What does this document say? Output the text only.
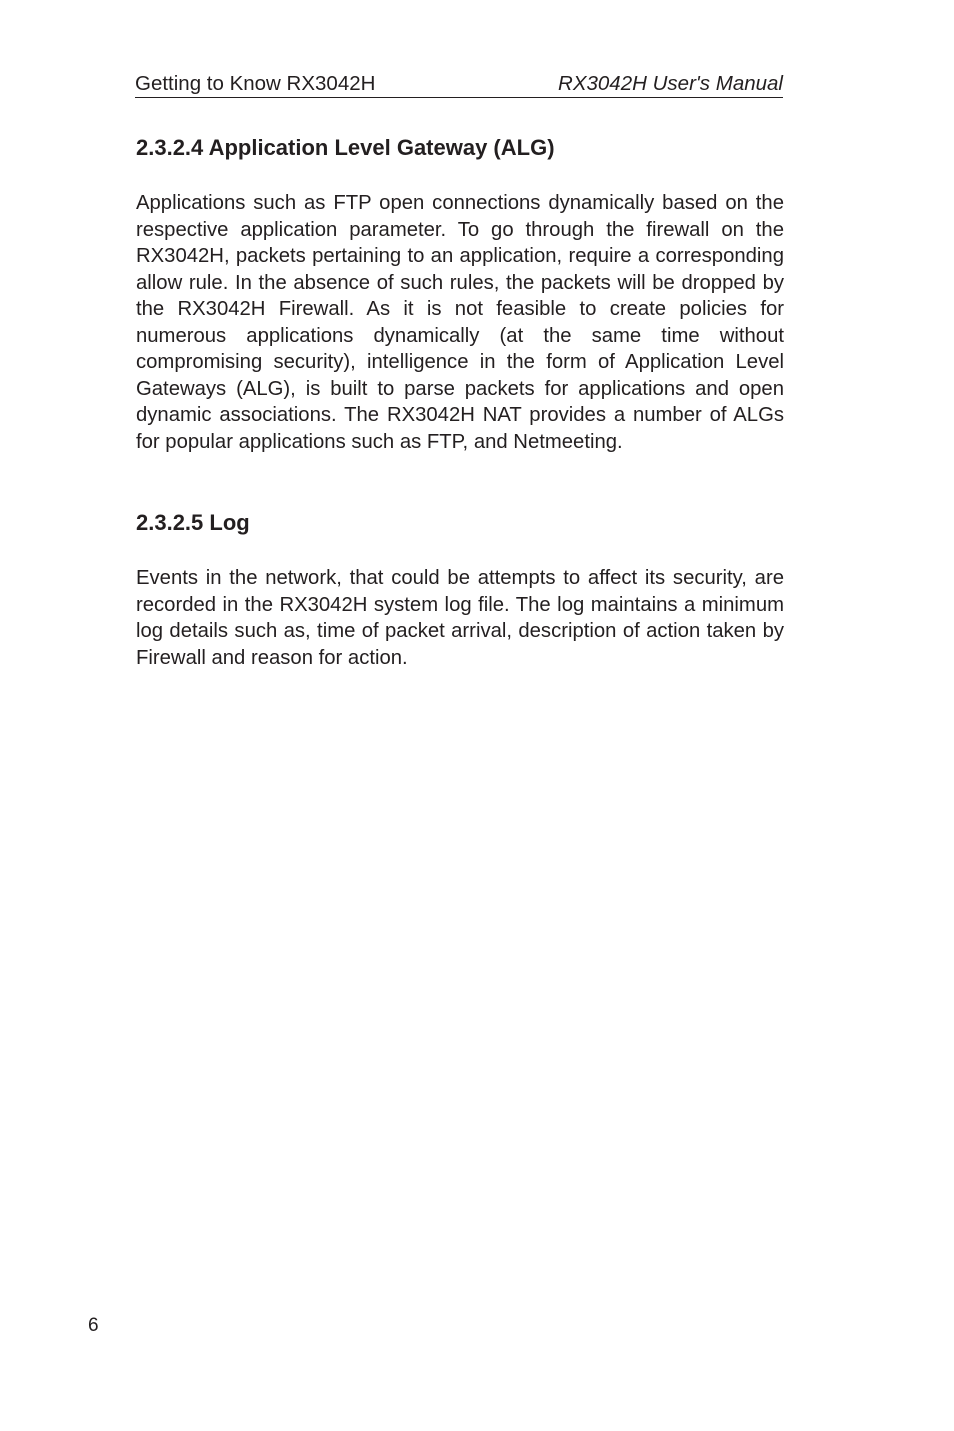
Getting to Know RX3042H	RX3042H User's Manual
2.3.2.4 Application Level Gateway (ALG)

Applications such as FTP open connections dynamically based on the respective application parameter. To go through the firewall on the RX3042H, packets pertaining to an application, require a corresponding allow rule. In the absence of such rules, the packets will be dropped by the RX3042H Firewall. As it is not feasible to create policies for numerous applications dynamically (at the same time without compromising security), intelligence in the form of Application Level Gateways (ALG), is built to parse packets for applications and open dynamic associations. The RX3042H NAT provides a number of ALGs for popular applications such as FTP, and Netmeeting.

2.3.2.5 Log

Events in the network, that could be attempts to affect its security, are recorded in the RX3042H system log file. The log maintains a minimum log details such as, time of packet arrival, description of action taken by Firewall and reason for action.

6
